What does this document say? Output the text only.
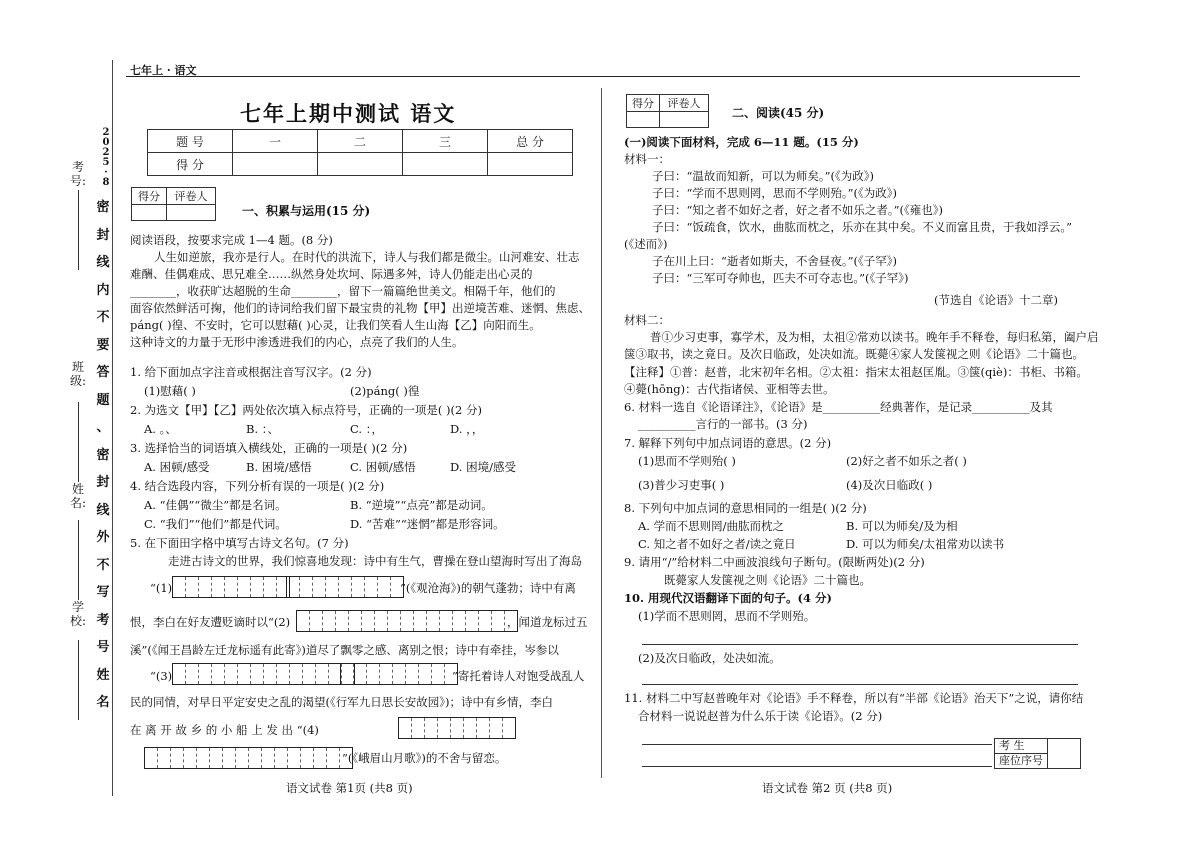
七年上 · 语文
2
0
2
5
·
8
密
封
线
内
不
要
答
题
、
密
封
线
外
不
写
考
号
姓
名
考号:
班级:
姓名:
学校:
七年上期中测试 语文
题 号	一	二	三	总 分
得 分				
得分	评卷人

一、积累与运用(15 分)
阅读语段，按要求完成 1—4 题。(8 分)
人生如逆旅，我亦是行人。在时代的洪流下，诗人与我们都是微尘。山河难安、壮志
难酬、佳偶难成、思兄难全……纵然身处坎坷、际遇多舛，诗人仍能走出心灵的
________，收获旷达超脱的生命________，留下一篇篇绝世美文。相隔千年，他们的
面容依然鲜活可掬，他们的诗词给我们留下最宝贵的礼物【甲】出逆境苦难、迷惘、焦虑、
páng( )徨、不安时，它可以慰藉( )心灵，让我们笑看人生山海【乙】向阳而生。
这种诗文的力量于无形中渗透进我们的内心，点亮了我们的人生。
1. 给下面加点字注音或根据注音写汉字。(2 分)
(1)慰藉( )	(2)páng( )徨
2. 为选文【甲】【乙】两处依次填入标点符号，正确的一项是( )(2 分)
A. 。、	B. ：、	C. ：，	D. ，，
3. 选择恰当的词语填入横线处，正确的一项是( )(2 分)
A. 困顿/感受	B. 困境/感悟	C. 困顿/感悟	D. 困境/感受
4. 结合选段内容，下列分析有误的一项是( )(2 分)
A. “佳偶”“微尘”都是名词。	B. “逆境”“点亮”都是动词。
C. “我们”“他们”都是代词。	D. “苦难”“迷惘”都是形容词。
5. 在下面田字格中填写古诗文名句。(7 分)
走进古诗文的世界，我们惊喜地发现：诗中有生气，曹操在登山望海时写出了海岛
“(1)	”(《观沧海》)的朝气蓬勃；诗中有离
恨，李白在好友遭贬谪时以“(2)	，闻道龙标过五
溪”(《闻王昌龄左迁龙标遥有此寄》)道尽了飘零之感、离别之恨；诗中有牵挂，岑参以
“(3)	”寄托着诗人对饱受战乱人
民的同情，对早日平定安史之乱的渴望(《行军九日思长安故园》)；诗中有乡情，李白
在 离 开 故 乡 的 小 船 上 发 出 “(4)
”(《峨眉山月歌》)的不舍与留恋。
语文试卷 第1页 (共8 页)
得分	评卷人

二、阅读(45 分)
(一)阅读下面材料，完成 6—11 题。(15 分)
材料一：
子曰：“温故而知新，可以为师矣。”(《为政》)
子曰：“学而不思则罔，思而不学则殆。”(《为政》)
子曰：“知之者不如好之者，好之者不如乐之者。”(《雍也》)
子曰：“饭疏食，饮水，曲肱而枕之，乐亦在其中矣。不义而富且贵，于我如浮云。”
(《述而》)
子在川上曰：“逝者如斯夫，不舍昼夜。”(《子罕》)
子曰：“三军可夺帅也，匹夫不可夺志也。”(《子罕》)
(节选自《论语》十二章)
材料二：
普①少习吏事，寡学术，及为相，太祖②常劝以读书。晚年手不释卷，每归私第，阖户启
箧③取书，读之竟日。及次日临政，处决如流。既薨④家人发箧视之则《论语》二十篇也。
【注释】①普：赵普，北宋初年名相。②太祖：指宋太祖赵匡胤。③箧(qiè)：书柜、书箱。
④薨(hōng)：古代指诸侯、亚相等去世。
6. 材料一选自《论语译注》，《论语》是__________经典著作，是记录__________及其
__________言行的一部书。(3 分)
7. 解释下列句中加点词语的意思。(2 分)
(1)思而不学则殆( )	(2)好之者不如乐之者( )
(3)普少习吏事( )	(4)及次日临政( )
8. 下列句中加点词的意思相同的一组是( )(2 分)
A. 学而不思则罔/曲肱而枕之	B. 可以为师矣/及为相
C. 知之者不如好之者/读之竟日	D. 可以为师矣/太祖常劝以读书
9. 请用“/”给材料二中画波浪线句子断句。(限断两处)(2 分)
既薨家人发箧视之则《论语》二十篇也。
10. 用现代汉语翻译下面的句子。(4 分)
(1)学而不思则罔，思而不学则殆。
(2)及次日临政，处决如流。
11. 材料二中写赵普晚年对《论语》手不释卷，所以有“半部《论语》治天下”之说，请你结
合材料一说说赵普为什么乐于读《论语》。(2 分)
考 生	
座位序号
语文试卷 第2 页 (共8 页)
